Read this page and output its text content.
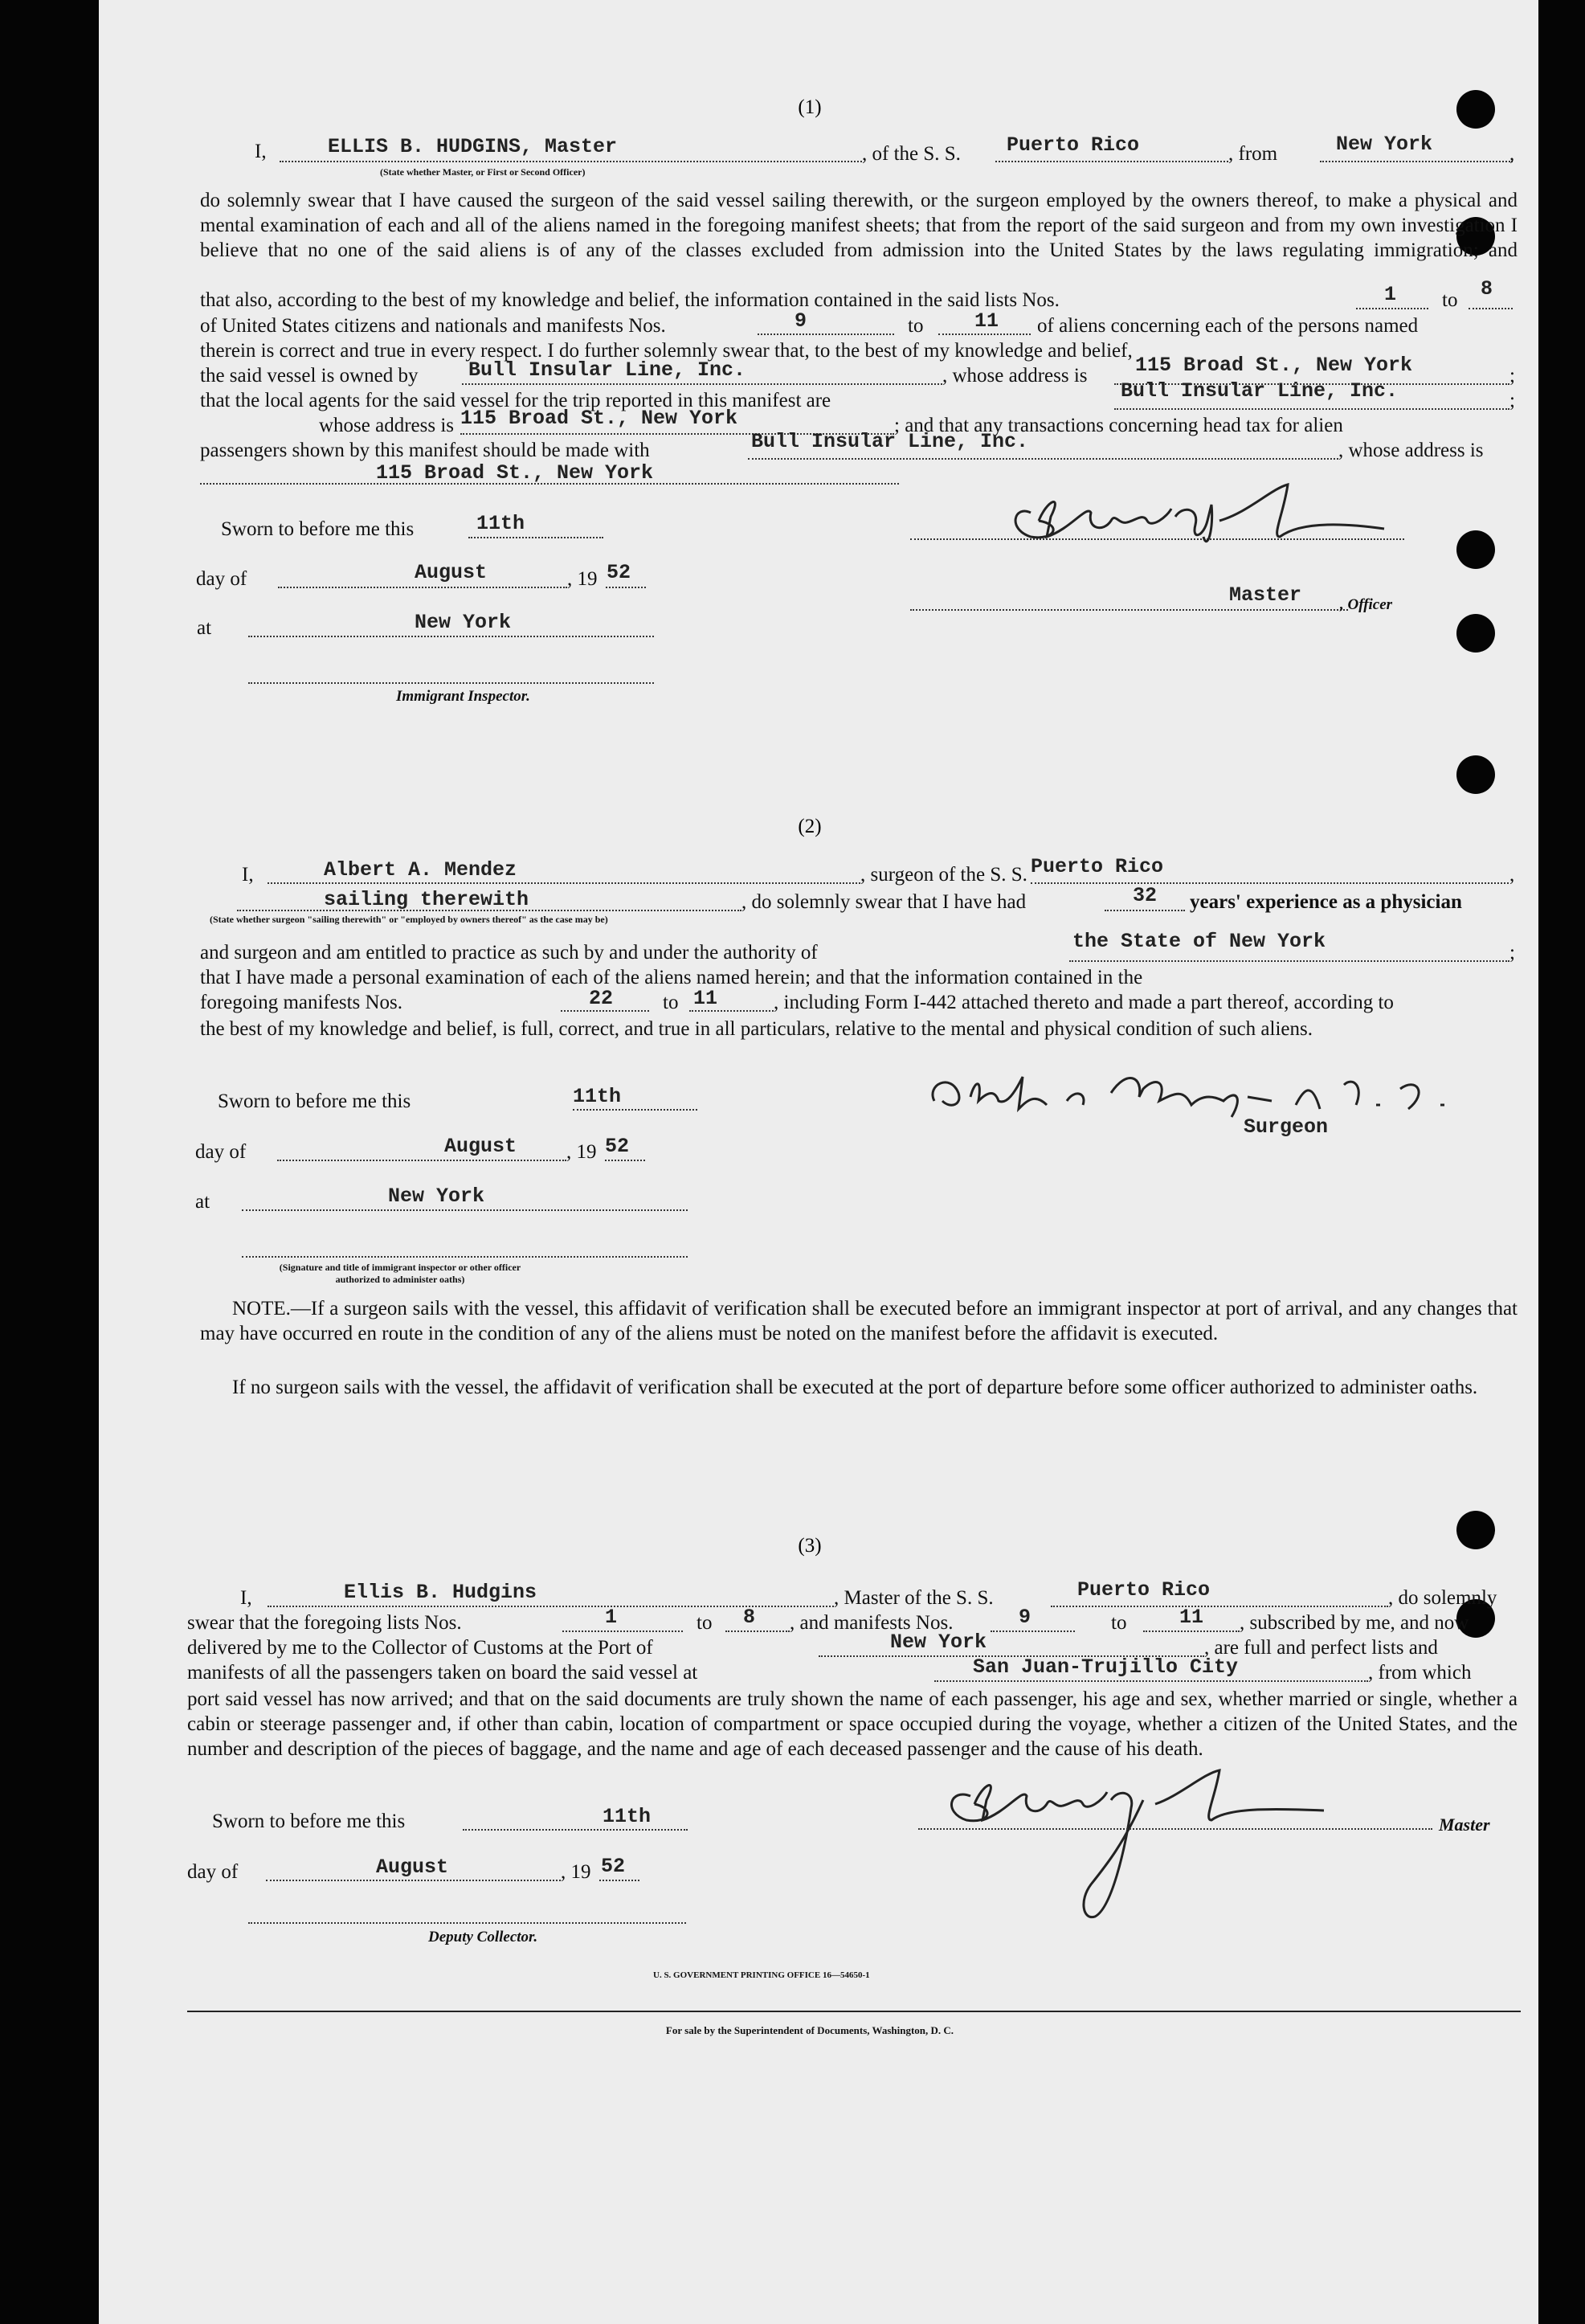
(1)
I,	ELLIS B. HUDGINS, Master	, of the S. S. Puerto Rico	, from	New York	,
(State whether Master, or First or Second Officer)
do solemnly swear that I have caused the surgeon of the said vessel sailing therewith, or the surgeon employed by the owners thereof, to make a physical and mental examination of each and all of the aliens named in the foregoing manifest sheets; that from the report of the said surgeon and from my own investigation I believe that no one of the said aliens is of any of the classes excluded from admission into the United States by the laws regulating immigration; and
that also, according to the best of my knowledge and belief, the information contained in the said lists Nos.	1 to 8
of United States citizens and nationals and manifests Nos.	9	to	11 of aliens concerning each of the persons named
therein is correct and true in every respect. I do further solemnly swear that, to the best of my knowledge and belief,
the said vessel is owned by	Bull Insular Line, Inc.	, whose address is 115 Broad St., New York	;
that the local agents for the said vessel for the trip reported in this manifest are	Bull Insular Line, Inc.	;
whose address is 115 Broad St., New York	; and that any transactions concerning head tax for alien
passengers shown by this manifest should be made with	Bull Insular Line, Inc.	, whose address is
115 Broad St., New York
Sworn to before me this	11th
day of	August	, 19 52
at	New York
Immigrant Inspector.
Master	, Officer
(2)
I,	Albert A. Mendez	, surgeon of the S. S. Puerto Rico	,
sailing therewith	, do solemnly swear that I have had	32 years' experience as a physician
(State whether surgeon "sailing therewith" or "employed by owners thereof" as the case may be)
and surgeon and am entitled to practice as such by and under the authority of	the State of New York	;
that I have made a personal examination of each of the aliens named herein; and that the information contained in the
foregoing manifests Nos.	22 to 11	, including Form I-442 attached thereto and made a part thereof, according to
the best of my knowledge and belief, is full, correct, and true in all particulars, relative to the mental and physical condition of such aliens.
Sworn to before me this	11th
day of	August , 19 52
at	New York
(Signature and title of immigrant inspector or other officer authorized to administer oaths)
Surgeon
NOTE.—If a surgeon sails with the vessel, this affidavit of verification shall be executed before an immigrant inspector at port of arrival, and any changes that may have occurred en route in the condition of any of the aliens must be noted on the manifest before the affidavit is executed.
If no surgeon sails with the vessel, the affidavit of verification shall be executed at the port of departure before some officer authorized to administer oaths.
(3)
I,	Ellis B. Hudgins	, Master of the S. S.	Puerto Rico	, do solemnly
swear that the foregoing lists Nos.	1	to 8 , and manifests Nos.	9	to	11 , subscribed by me, and now
delivered by me to the Collector of Customs at the Port of	New York	, are full and perfect lists and
manifests of all the passengers taken on board the said vessel at	San Juan-Trujillo City	, from which
port said vessel has now arrived; and that on the said documents are truly shown the name of each passenger, his age and sex, whether married or single, whether a cabin or steerage passenger and, if other than cabin, location of compartment or space occupied during the voyage, whether a citizen of the United States, and the number and description of the pieces of baggage, and the name and age of each deceased passenger and the cause of his death.
Sworn to before me this	11th
day of	August	, 19 52
Deputy Collector.
Master
U. S. GOVERNMENT PRINTING OFFICE 16—54650-1
For sale by the Superintendent of Documents, Washington, D. C.
